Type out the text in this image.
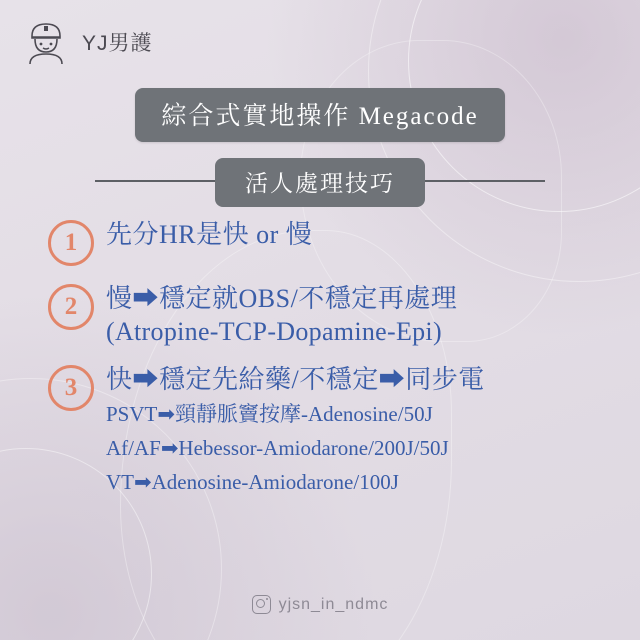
YJ男護
綜合式實地操作 Megacode
活人處理技巧
1	先分HR是快 or 慢
2	慢➡穩定就OBS/不穩定再處理
(Atropine-TCP-Dopamine-Epi)
3	快➡穩定先給藥/不穩定➡同步電
PSVT➡頸靜脈竇按摩-Adenosine/50J
Af/AF➡Hebessor-Amiodarone/200J/50J
VT➡Adenosine-Amiodarone/100J
yjsn_in_ndmc
